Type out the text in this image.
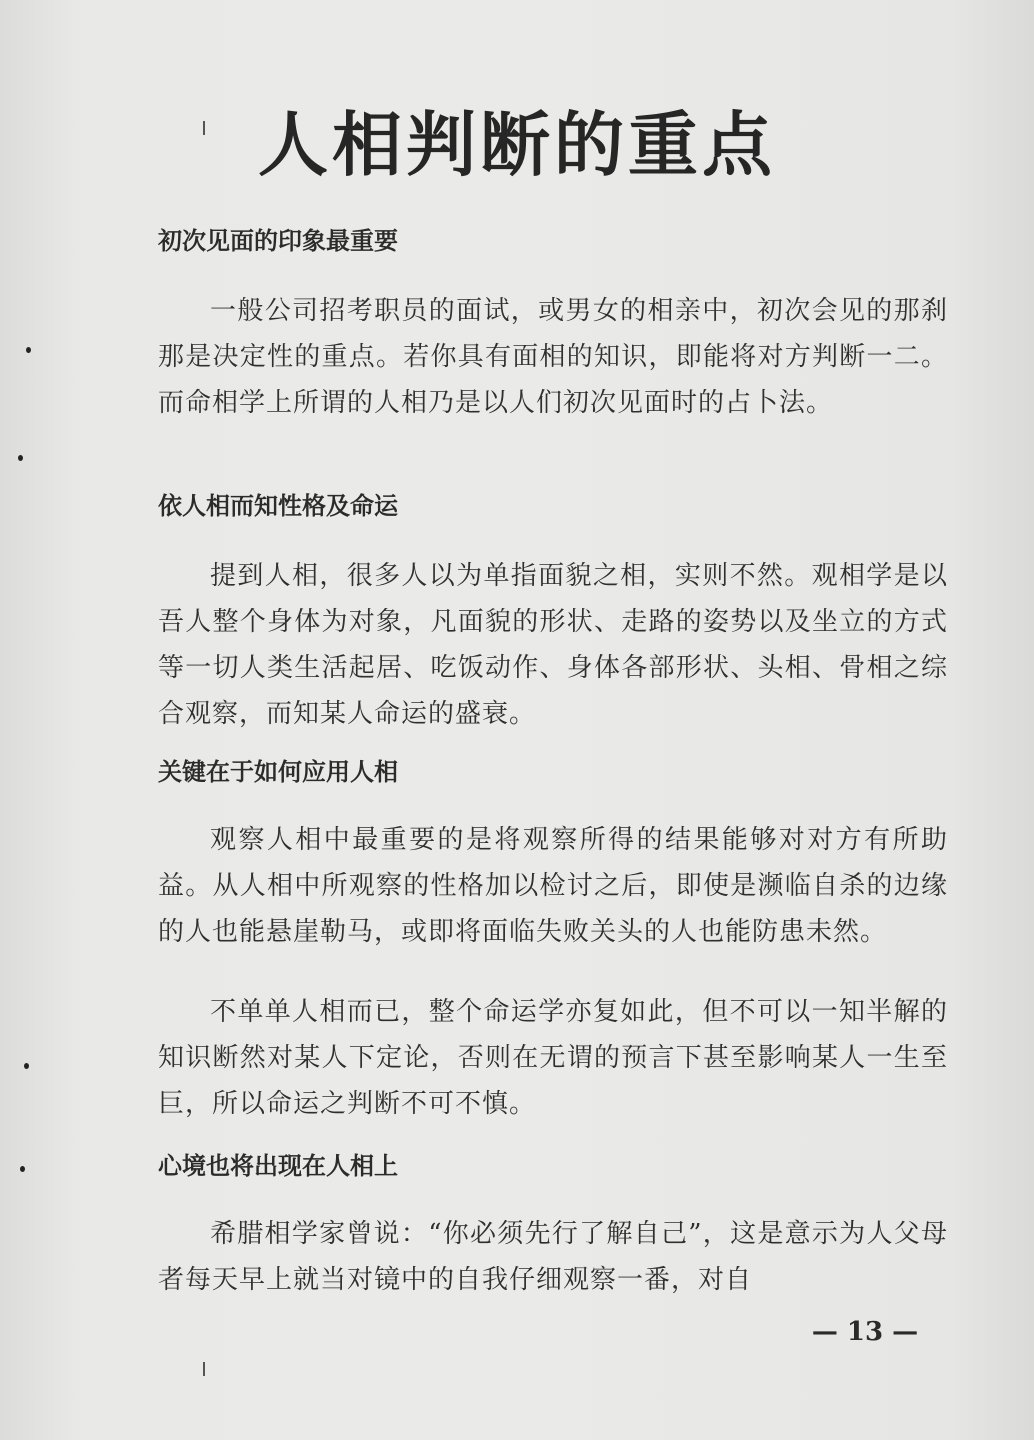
人相判断的重点
初次见面的印象最重要

一般公司招考职员的面试，或男女的相亲中，初次会见的那刹那是决定性的重点。若你具有面相的知识，即能将对方判断一二。而命相学上所谓的人相乃是以人们初次见面时的占卜法。

依人相而知性格及命运

提到人相，很多人以为单指面貌之相，实则不然。观相学是以吾人整个身体为对象，凡面貌的形状、走路的姿势以及坐立的方式等一切人类生活起居、吃饭动作、身体各部形状、头相、骨相之综合观察，而知某人命运的盛衰。

关键在于如何应用人相

观察人相中最重要的是将观察所得的结果能够对对方有所助益。从人相中所观察的性格加以检讨之后，即使是濒临自杀的边缘的人也能悬崖勒马，或即将面临失败关头的人也能防患未然。

不单单人相而已，整个命运学亦复如此，但不可以一知半解的知识断然对某人下定论，否则在无谓的预言下甚至影响某人一生至巨，所以命运之判断不可不慎。

心境也将出现在人相上

希腊相学家曾说：“你必须先行了解自己”，这是意示为人父母者每天早上就当对镜中的自我仔细观察一番，对自

— 13 —
